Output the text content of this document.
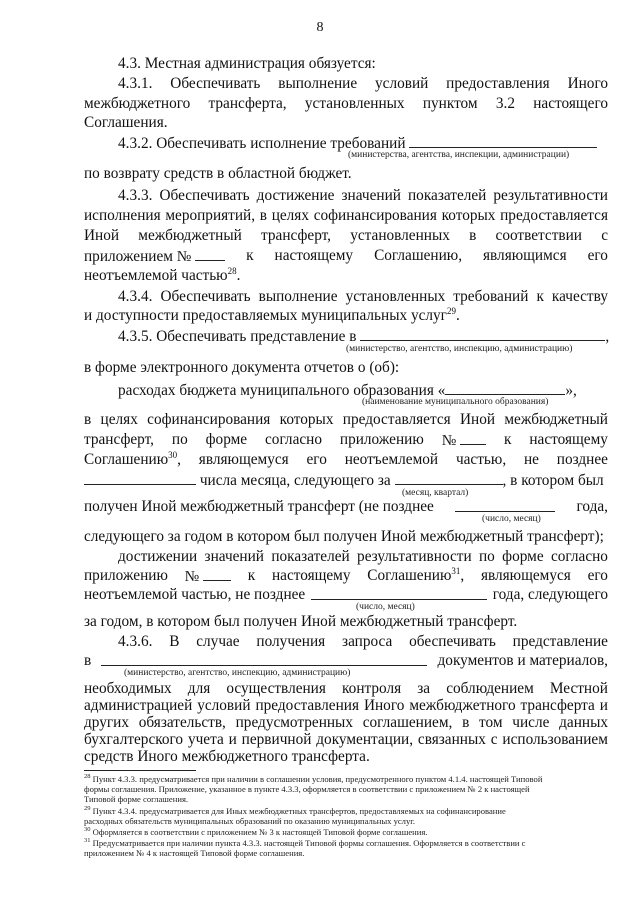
8
4.3. Местная администрация обязуется:
4.3.1. Обеспечивать выполнение условий предоставления Иного
межбюджетного трансферта, установленных пунктом 3.2 настоящего
Соглашения.
4.3.2. Обеспечивать исполнение требований
(министерства, агентства, инспекции, администрации)
по возврату средств в областной бюджет.
4.3.3. Обеспечивать достижение значений показателей результативности
исполнения мероприятий, в целях софинансирования которых предоставляется
Иной межбюджетный трансферт, установленных в соответствии с
приложением №	к настоящему Соглашению, являющимся его
неотъемлемой частью$^{28}$.
4.3.4. Обеспечивать выполнение установленных требований к качеству
и доступности предоставляемых муниципальных услуг$^{29}$.
4.3.5. Обеспечивать представление в	,
(министерство, агентство, инспекцию, администрацию)
в форме электронного документа отчетов о (об):
расходах бюджета муниципального образования «	»,
(наименование муниципального образования)
в целях софинансирования которых предоставляется Иной межбюджетный
трансферт, по форме согласно приложению №	к настоящему
Соглашению$^{30}$, являющемуся его неотъемлемой частью, не позднее
числа месяца, следующего за	, в котором был
(месяц, квартал)
получен Иной межбюджетный трансферт (не позднее	года,
(число, месяц)
следующего за годом в котором был получен Иной межбюджетный трансферт);
достижении значений показателей результативности по форме согласно
приложению №	к настоящему Соглашению$^{31}$, являющемуся его
неотъемлемой частью, не позднее	года, следующего
(число, месяц)
за годом, в котором был получен Иной межбюджетный трансферт.
4.3.6. В случае получения запроса обеспечивать представление
в	документов и материалов,
(министерство, агентство, инспекцию, администрацию)
необходимых для осуществления контроля за соблюдением Местной
администрацией условий предоставления Иного межбюджетного трансферта и
других обязательств, предусмотренных соглашением, в том числе данных
бухгалтерского учета и первичной документации, связанных с использованием
средств Иного межбюджетного трансферта.
$^{28}$ Пункт 4.3.3. предусматривается при наличии в соглашении условия, предусмотренного пунктом 4.1.4. настоящей Типовой
формы соглашения. Приложение, указанное в пункте 4.3.3, оформляется в соответствии с приложением № 2 к настоящей
Типовой форме соглашения.
$^{29}$ Пункт 4.3.4. предусматривается для Иных межбюджетных трансфертов, предоставляемых на софинансирование
расходных обязательств муниципальных образований по оказанию муниципальных услуг.
$^{30}$ Оформляется в соответствии с приложением № 3 к настоящей Типовой форме соглашения.
$^{31}$ Предусматривается при наличии пункта 4.3.3. настоящей Типовой формы соглашения. Оформляется в соответствии с
приложением № 4 к настоящей Типовой форме соглашения.
